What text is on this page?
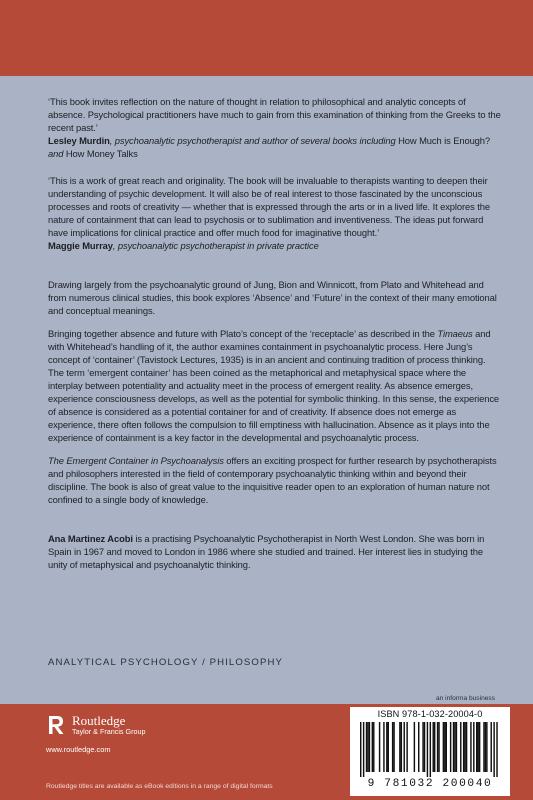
‘This book invites reflection on the nature of thought in relation to philosophical and analytic concepts of absence. Psychological practitioners have much to gain from this examination of thinking from the Greeks to the recent past.’

Lesley Murdin, psychoanalytic psychotherapist and author of several books including How Much is Enough? and How Money Talks

‘This is a work of great reach and originality. The book will be invaluable to therapists wanting to deepen their understanding of psychic development. It will also be of real interest to those fascinated by the unconscious processes and roots of creativity — whether that is expressed through the arts or in a lived life. It explores the nature of containment that can lead to psychosis or to sublimation and inventiveness. The ideas put forward have implications for clinical practice and offer much food for imaginative thought.’

Maggie Murray, psychoanalytic psychotherapist in private practice

Drawing largely from the psychoanalytic ground of Jung, Bion and Winnicott, from Plato and Whitehead and from numerous clinical studies, this book explores ‘Absence’ and ‘Future’ in the context of their many emotional and conceptual meanings.

Bringing together absence and future with Plato’s concept of the ‘receptacle’ as described in the Timaeus and with Whitehead’s handling of it, the author examines containment in psychoanalytic process. Here Jung’s concept of ‘container’ (Tavistock Lectures, 1935) is in an ancient and continuing tradition of process thinking. The term ‘emergent container’ has been coined as the metaphorical and metaphysical space where the interplay between potentiality and actuality meet in the process of emergent reality. As absence emerges, experience consciousness develops, as well as the potential for symbolic thinking. In this sense, the experience of absence is considered as a potential container for and of creativity. If absence does not emerge as experience, there often follows the compulsion to fill emptiness with hallucination. Absence as it plays into the experience of containment is a key factor in the developmental and psychoanalytic process.

The Emergent Container in Psychoanalysis offers an exciting prospect for further research by psychotherapists and philosophers interested in the field of contemporary psychoanalytic thinking within and beyond their discipline. The book is also of great value to the inquisitive reader open to an exploration of human nature not confined to a single body of knowledge.

Ana Martinez Acobi is a practising Psychoanalytic Psychotherapist in North West London. She was born in Spain in 1967 and moved to London in 1986 where she studied and trained. Her interest lies in studying the unity of metaphysical and psychoanalytic thinking.

ANALYTICAL PSYCHOLOGY / PHILOSOPHY
an informa business
Routledge
Taylor & Francis Group
www.routledge.com
Routledge titles are available as eBook editions in a range of digital formats
ISBN 978-1-032-20004-0
9 781032 200040
